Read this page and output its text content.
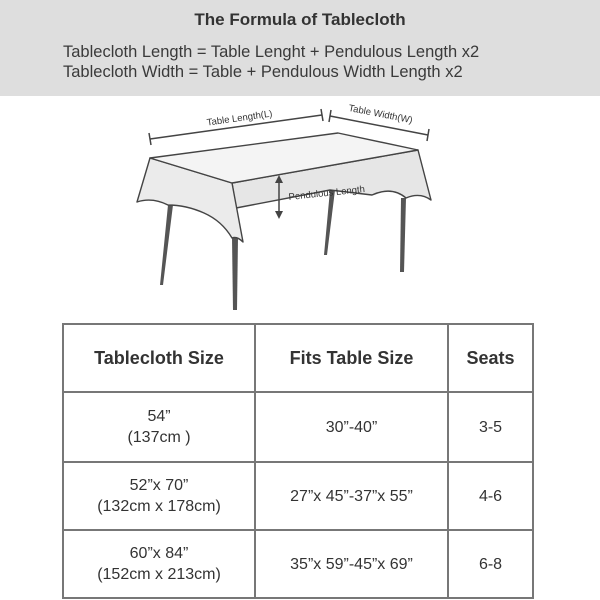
The Formula of Tablecloth
Tablecloth Length = Table Lenght + Pendulous Length x2
Tablecloth Width = Table + Pendulous Width Length x2
Table Length(L)	Table Width(W)
Pendulous Length
Tablecloth Size	Fits Table Size	Seats

54”
(137cm )	30”-40”	3-5

52”x 70”
(132cm x 178cm)	27”x 45”-37”x 55”	4-6

60”x 84”
(152cm x 213cm)	35”x 59”-45”x 69”	6-8
